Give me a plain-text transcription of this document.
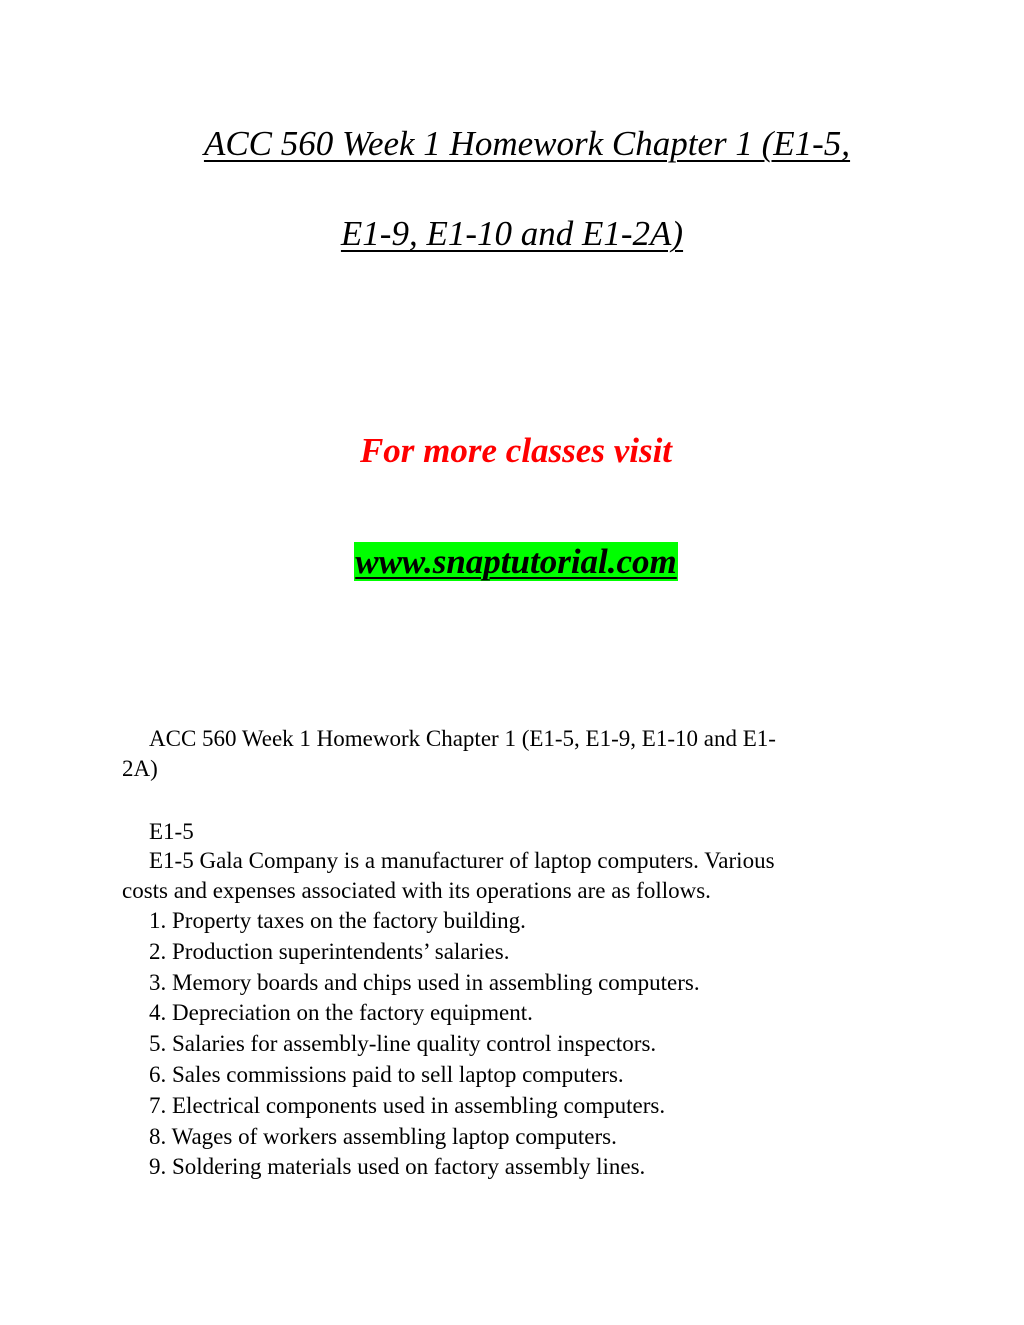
ACC 560 Week 1 Homework Chapter 1 (E1-5,
E1-9, E1-10 and E1-2A)
For more classes visit
www.snaptutorial.com
ACC 560 Week 1 Homework Chapter 1 (E1-5, E1-9, E1-10 and E1-
2A)
E1-5
E1-5 Gala Company is a manufacturer of laptop computers. Various
costs and expenses associated with its operations are as follows.
1. Property taxes on the factory building.
2. Production superintendents’ salaries.
3. Memory boards and chips used in assembling computers.
4. Depreciation on the factory equipment.
5. Salaries for assembly-line quality control inspectors.
6. Sales commissions paid to sell laptop computers.
7. Electrical components used in assembling computers.
8. Wages of workers assembling laptop computers.
9. Soldering materials used on factory assembly lines.
